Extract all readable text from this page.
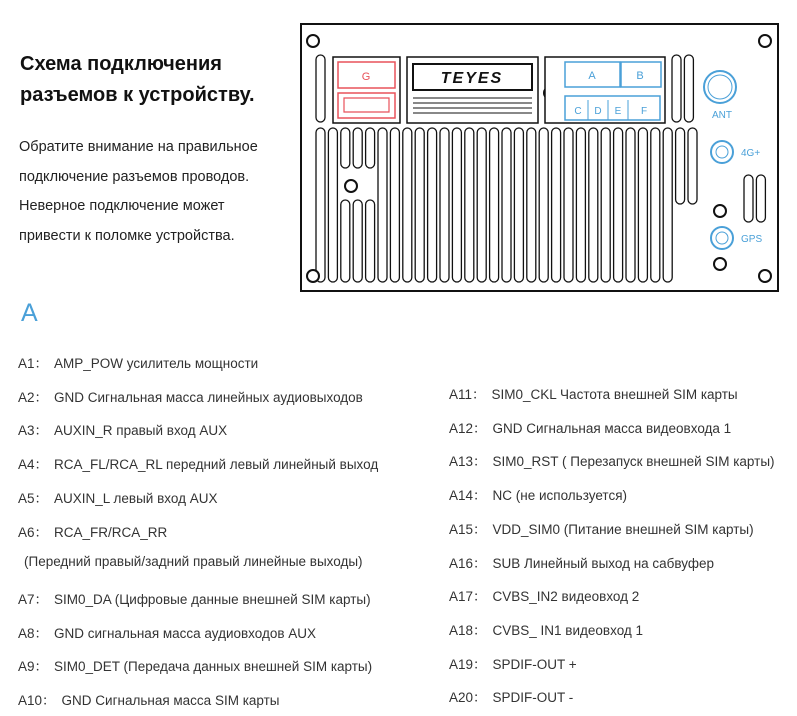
Схема подключения
разъемов к устройству.
Обратите внимание на правильное
подключение разъемов проводов.
Неверное подключение может
привести к поломке устройства.
G	TEYES	A	B
C D E F	ANT
4G+
GPS
A
A1： AMP_POW усилитель мощности
A2： GND Сигнальная масса линейных аудиовыходов
A3： AUXIN_R правый вход AUX
A4： RCA_FL/RCA_RL передний левый линейный выход
A5： AUXIN_L левый вход AUX
A6： RCA_FR/RCA_RR
(Передний правый/задний правый линейные выходы)
A7： SIM0_DA (Цифровые данные внешней SIM карты)
A8： GND сигнальная масса аудиовходов AUX
A9： SIM0_DET (Передача данных внешней SIM карты)
A10： GND Сигнальная масса SIM карты
A11： SIM0_CKL Частота внешней SIM карты
A12： GND Сигнальная масса видеовхода 1
A13： SIM0_RST ( Перезапуск внешней SIM карты)
A14： NC (не используется)
A15： VDD_SIM0 (Питание внешней SIM карты)
A16： SUB Линейный выход на сабвуфер
A17： CVBS_IN2 видеовход 2
A18： CVBS_ IN1 видеовход 1
A19： SPDIF-OUT +
A20： SPDIF-OUT -
